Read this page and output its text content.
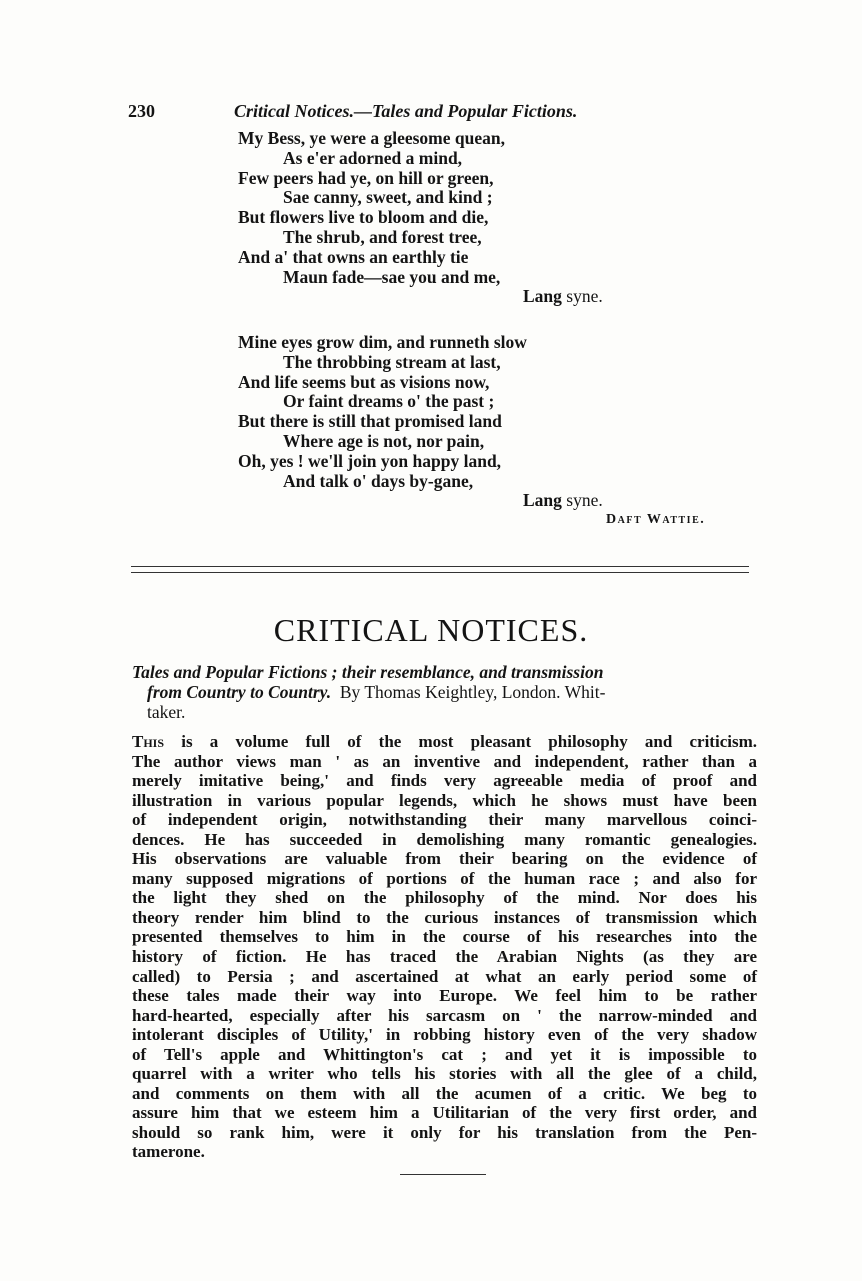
230	Critical Notices.—Tales and Popular Fictions.
My Bess, ye were a gleesome quean,
As e'er adorned a mind,
Few peers had ye, on hill or green,
Sae canny, sweet, and kind ;
But flowers live to bloom and die,
The shrub, and forest tree,
And a' that owns an earthly tie
Maun fade—sae you and me,
Lang syne.
Mine eyes grow dim, and runneth slow
The throbbing stream at last,
And life seems but as visions now,
Or faint dreams o' the past ;
But there is still that promised land
Where age is not, nor pain,
Oh, yes ! we'll join yon happy land,
And talk o' days by-gane,
Lang syne.
Daft Wattie.
CRITICAL NOTICES.
Tales and Popular Fictions ; their resemblance, and transmission
from Country to Country. By Thomas Keightley, London. Whit-
taker.
This is a volume full of the most pleasant philosophy and criticism.
The author views man ' as an inventive and independent, rather than a
merely imitative being,' and finds very agreeable media of proof and
illustration in various popular legends, which he shows must have been
of independent origin, notwithstanding their many marvellous coinci-
dences. He has succeeded in demolishing many romantic genealogies.
His observations are valuable from their bearing on the evidence of
many supposed migrations of portions of the human race ; and also for
the light they shed on the philosophy of the mind. Nor does his
theory render him blind to the curious instances of transmission which
presented themselves to him in the course of his researches into the
history of fiction. He has traced the Arabian Nights (as they are
called) to Persia ; and ascertained at what an early period some of
these tales made their way into Europe. We feel him to be rather
hard-hearted, especially after his sarcasm on ' the narrow-minded and
intolerant disciples of Utility,' in robbing history even of the very shadow
of Tell's apple and Whittington's cat ; and yet it is impossible to
quarrel with a writer who tells his stories with all the glee of a child,
and comments on them with all the acumen of a critic. We beg to
assure him that we esteem him a Utilitarian of the very first order, and
should so rank him, were it only for his translation from the Pen-
tamerone.
